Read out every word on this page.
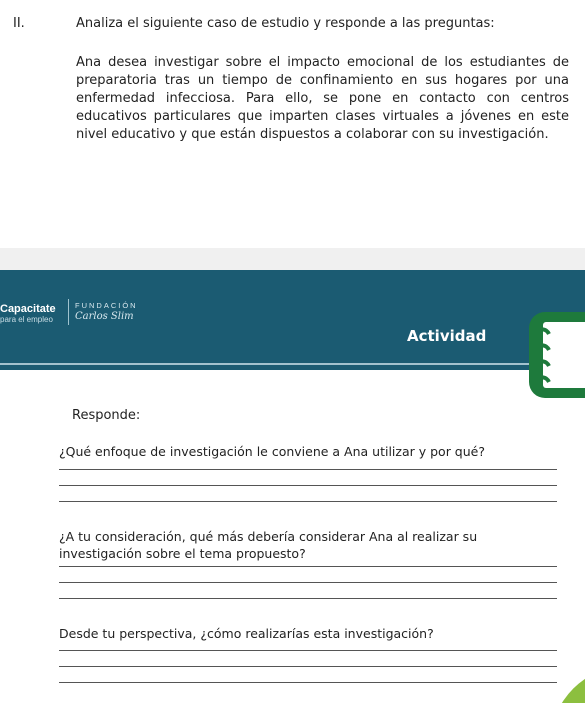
II.	Analiza el siguiente caso de estudio y responde a las preguntas:

Ana desea investigar sobre el impacto emocional de los estudiantes de preparatoria tras un tiempo de confinamiento en sus hogares por una enfermedad infecciosa. Para ello, se pone en contacto con centros educativos particulares que imparten clases virtuales a jóvenes en este nivel educativo y que están dispuestos a colaborar con su investigación.

Capacitate
para el empleo
FUNDACIÓN
Carlos Slim
Actividad
Responde:

¿Qué enfoque de investigación le conviene a Ana utilizar y por qué?

¿A tu consideración, qué más debería considerar Ana al realizar su investigación sobre el tema propuesto?

Desde tu perspectiva, ¿cómo realizarías esta investigación?
